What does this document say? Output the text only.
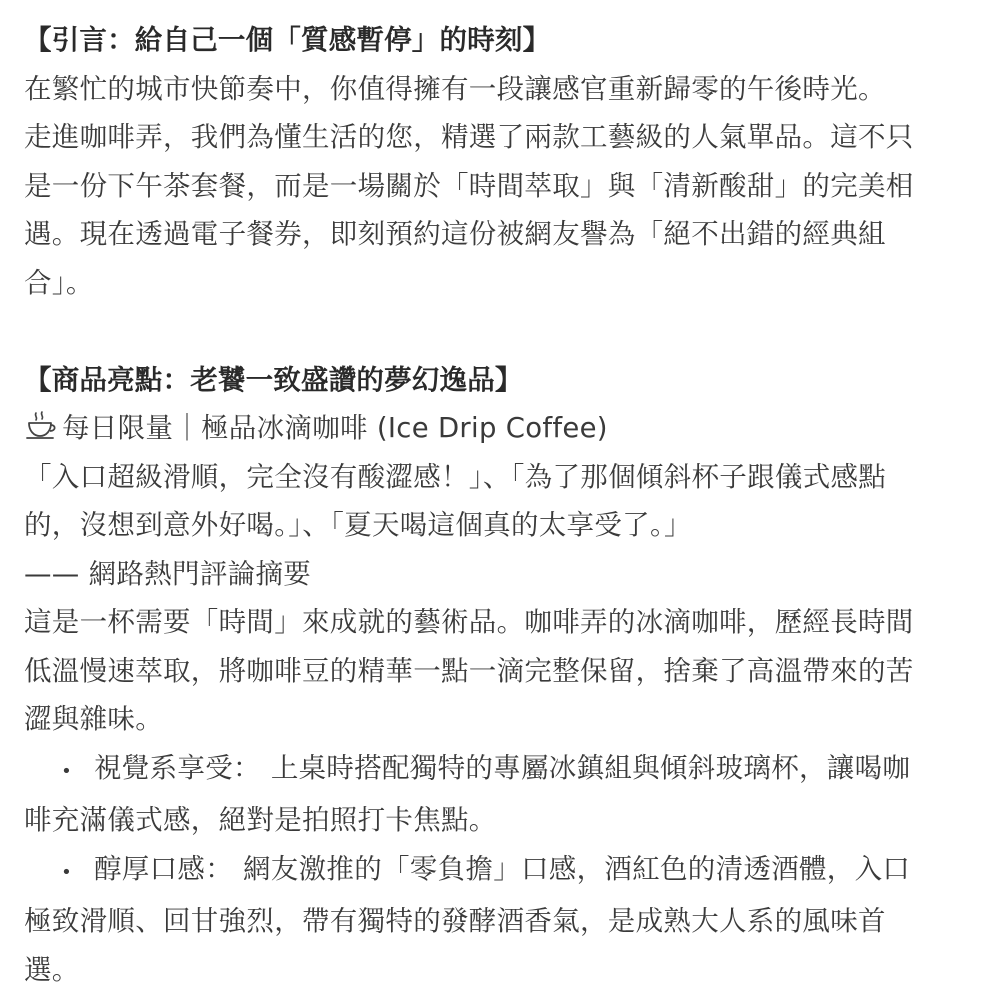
【引言：給自己一個「質感暫停」的時刻】
在繁忙的城市快節奏中，你值得擁有一段讓感官重新歸零的午後時光。
走進咖啡弄，我們為懂生活的您，精選了兩款工藝級的人氣單品。這不只
是一份下午茶套餐，而是一場關於「時間萃取」與「清新酸甜」的完美相
遇。現在透過電子餐券，即刻預約這份被網友譽為「絕不出錯的經典組
合」。
【商品亮點：老饕一致盛讚的夢幻逸品】
每日限量｜極品冰滴咖啡 (Ice Drip Coffee)
「入口超級滑順，完全沒有酸澀感！」、「為了那個傾斜杯子跟儀式感點
的，沒想到意外好喝。」、「夏天喝這個真的太享受了。」
—— 網路熱門評論摘要
這是一杯需要「時間」來成就的藝術品。咖啡弄的冰滴咖啡，歷經長時間
低溫慢速萃取，將咖啡豆的精華一點一滴完整保留，捨棄了高溫帶來的苦
澀與雜味。
• 視覺系享受： 上桌時搭配獨特的專屬冰鎮組與傾斜玻璃杯，讓喝咖
啡充滿儀式感，絕對是拍照打卡焦點。
• 醇厚口感： 網友激推的「零負擔」口感，酒紅色的清透酒體，入口
極致滑順、回甘強烈，帶有獨特的發酵酒香氣，是成熟大人系的風味首
選。
